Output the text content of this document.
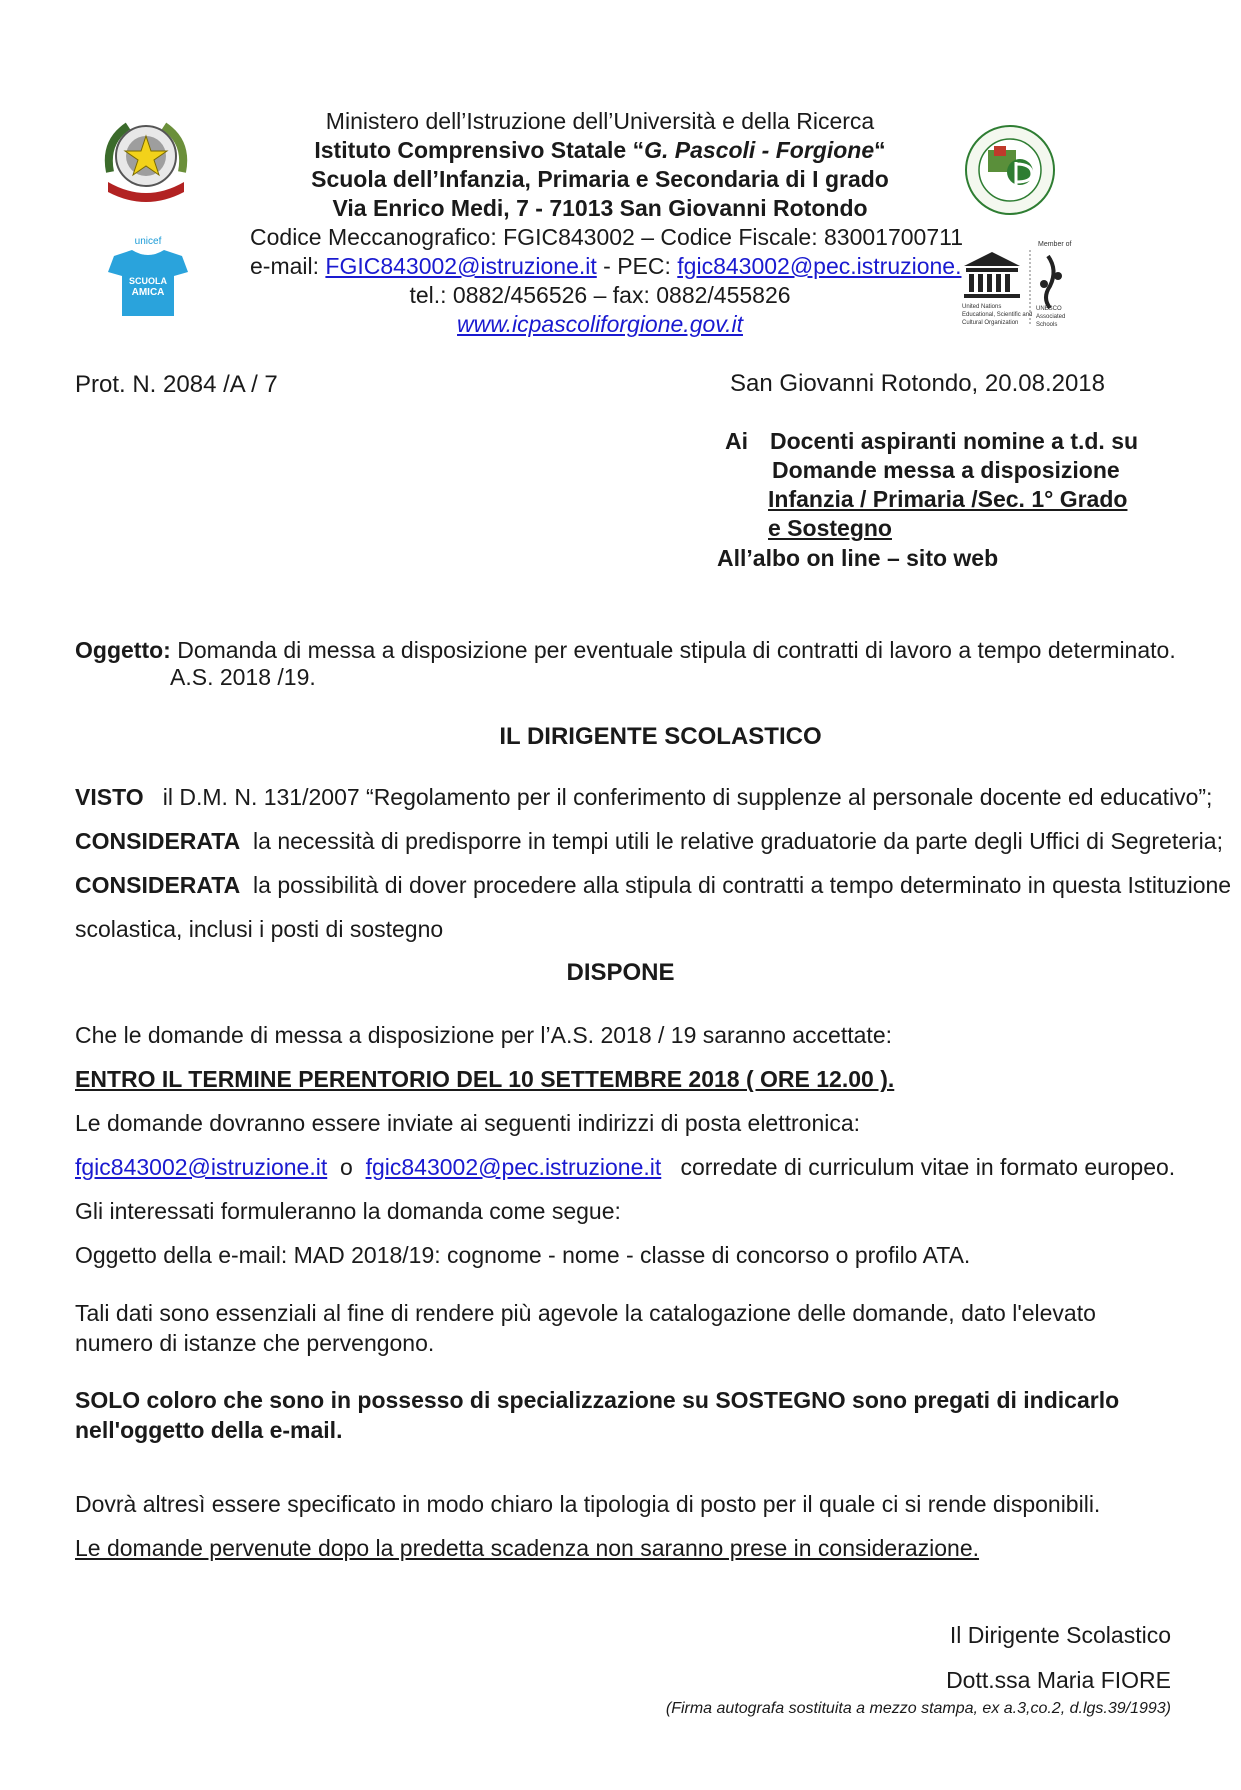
unicef
SCUOLA
AMICA
Member of
United Nations
Educational, Scientific and
Cultural Organization
UNESCO
Associated
Schools
Ministero dell’Istruzione dell’Università e della Ricerca
Istituto Comprensivo Statale “G. Pascoli - Forgione“
Scuola dell’Infanzia, Primaria e Secondaria di I grado
Via Enrico Medi, 7 - 71013 San Giovanni Rotondo
Codice Meccanografico: FGIC843002 – Codice Fiscale: 83001700711
e-mail: FGIC843002@istruzione.it - PEC: fgic843002@pec.istruzione.
tel.: 0882/456526 – fax: 0882/455826
www.icpascoliforgione.gov.it
Prot. N. 2084 /A / 7	San Giovanni Rotondo, 20.08.2018
Ai Docenti aspiranti nomine a t.d. su
Domande messa a disposizione
Infanzia / Primaria /Sec. 1° Grado
e Sostegno
All’albo on line – sito web
Oggetto: Domanda di messa a disposizione per eventuale stipula di contratti di lavoro a tempo determinato.
A.S. 2018 /19.
IL DIRIGENTE SCOLASTICO
VISTO il D.M. N. 131/2007 “Regolamento per il conferimento di supplenze al personale docente ed educativo”;
CONSIDERATA la necessità di predisporre in tempi utili le relative graduatorie da parte degli Uffici di Segreteria;
CONSIDERATA la possibilità di dover procedere alla stipula di contratti a tempo determinato in questa Istituzione
scolastica, inclusi i posti di sostegno
DISPONE
Che le domande di messa a disposizione per l’A.S. 2018 / 19 saranno accettate:
ENTRO IL TERMINE PERENTORIO DEL 10 SETTEMBRE 2018 ( ORE 12.00 ).
Le domande dovranno essere inviate ai seguenti indirizzi di posta elettronica:
fgic843002@istruzione.it o fgic843002@pec.istruzione.it corredate di curriculum vitae in formato europeo.
Gli interessati formuleranno la domanda come segue:
Oggetto della e-mail: MAD 2018/19: cognome - nome - classe di concorso o profilo ATA.
Tali dati sono essenziali al fine di rendere più agevole la catalogazione delle domande, dato l'elevato numero di istanze che pervengono.
SOLO coloro che sono in possesso di specializzazione su SOSTEGNO sono pregati di indicarlo nell'oggetto della e-mail.
Dovrà altresì essere specificato in modo chiaro la tipologia di posto per il quale ci si rende disponibili.
Le domande pervenute dopo la predetta scadenza non saranno prese in considerazione.
Il Dirigente Scolastico
Dott.ssa Maria FIORE
(Firma autografa sostituita a mezzo stampa, ex a.3,co.2, d.lgs.39/1993)
